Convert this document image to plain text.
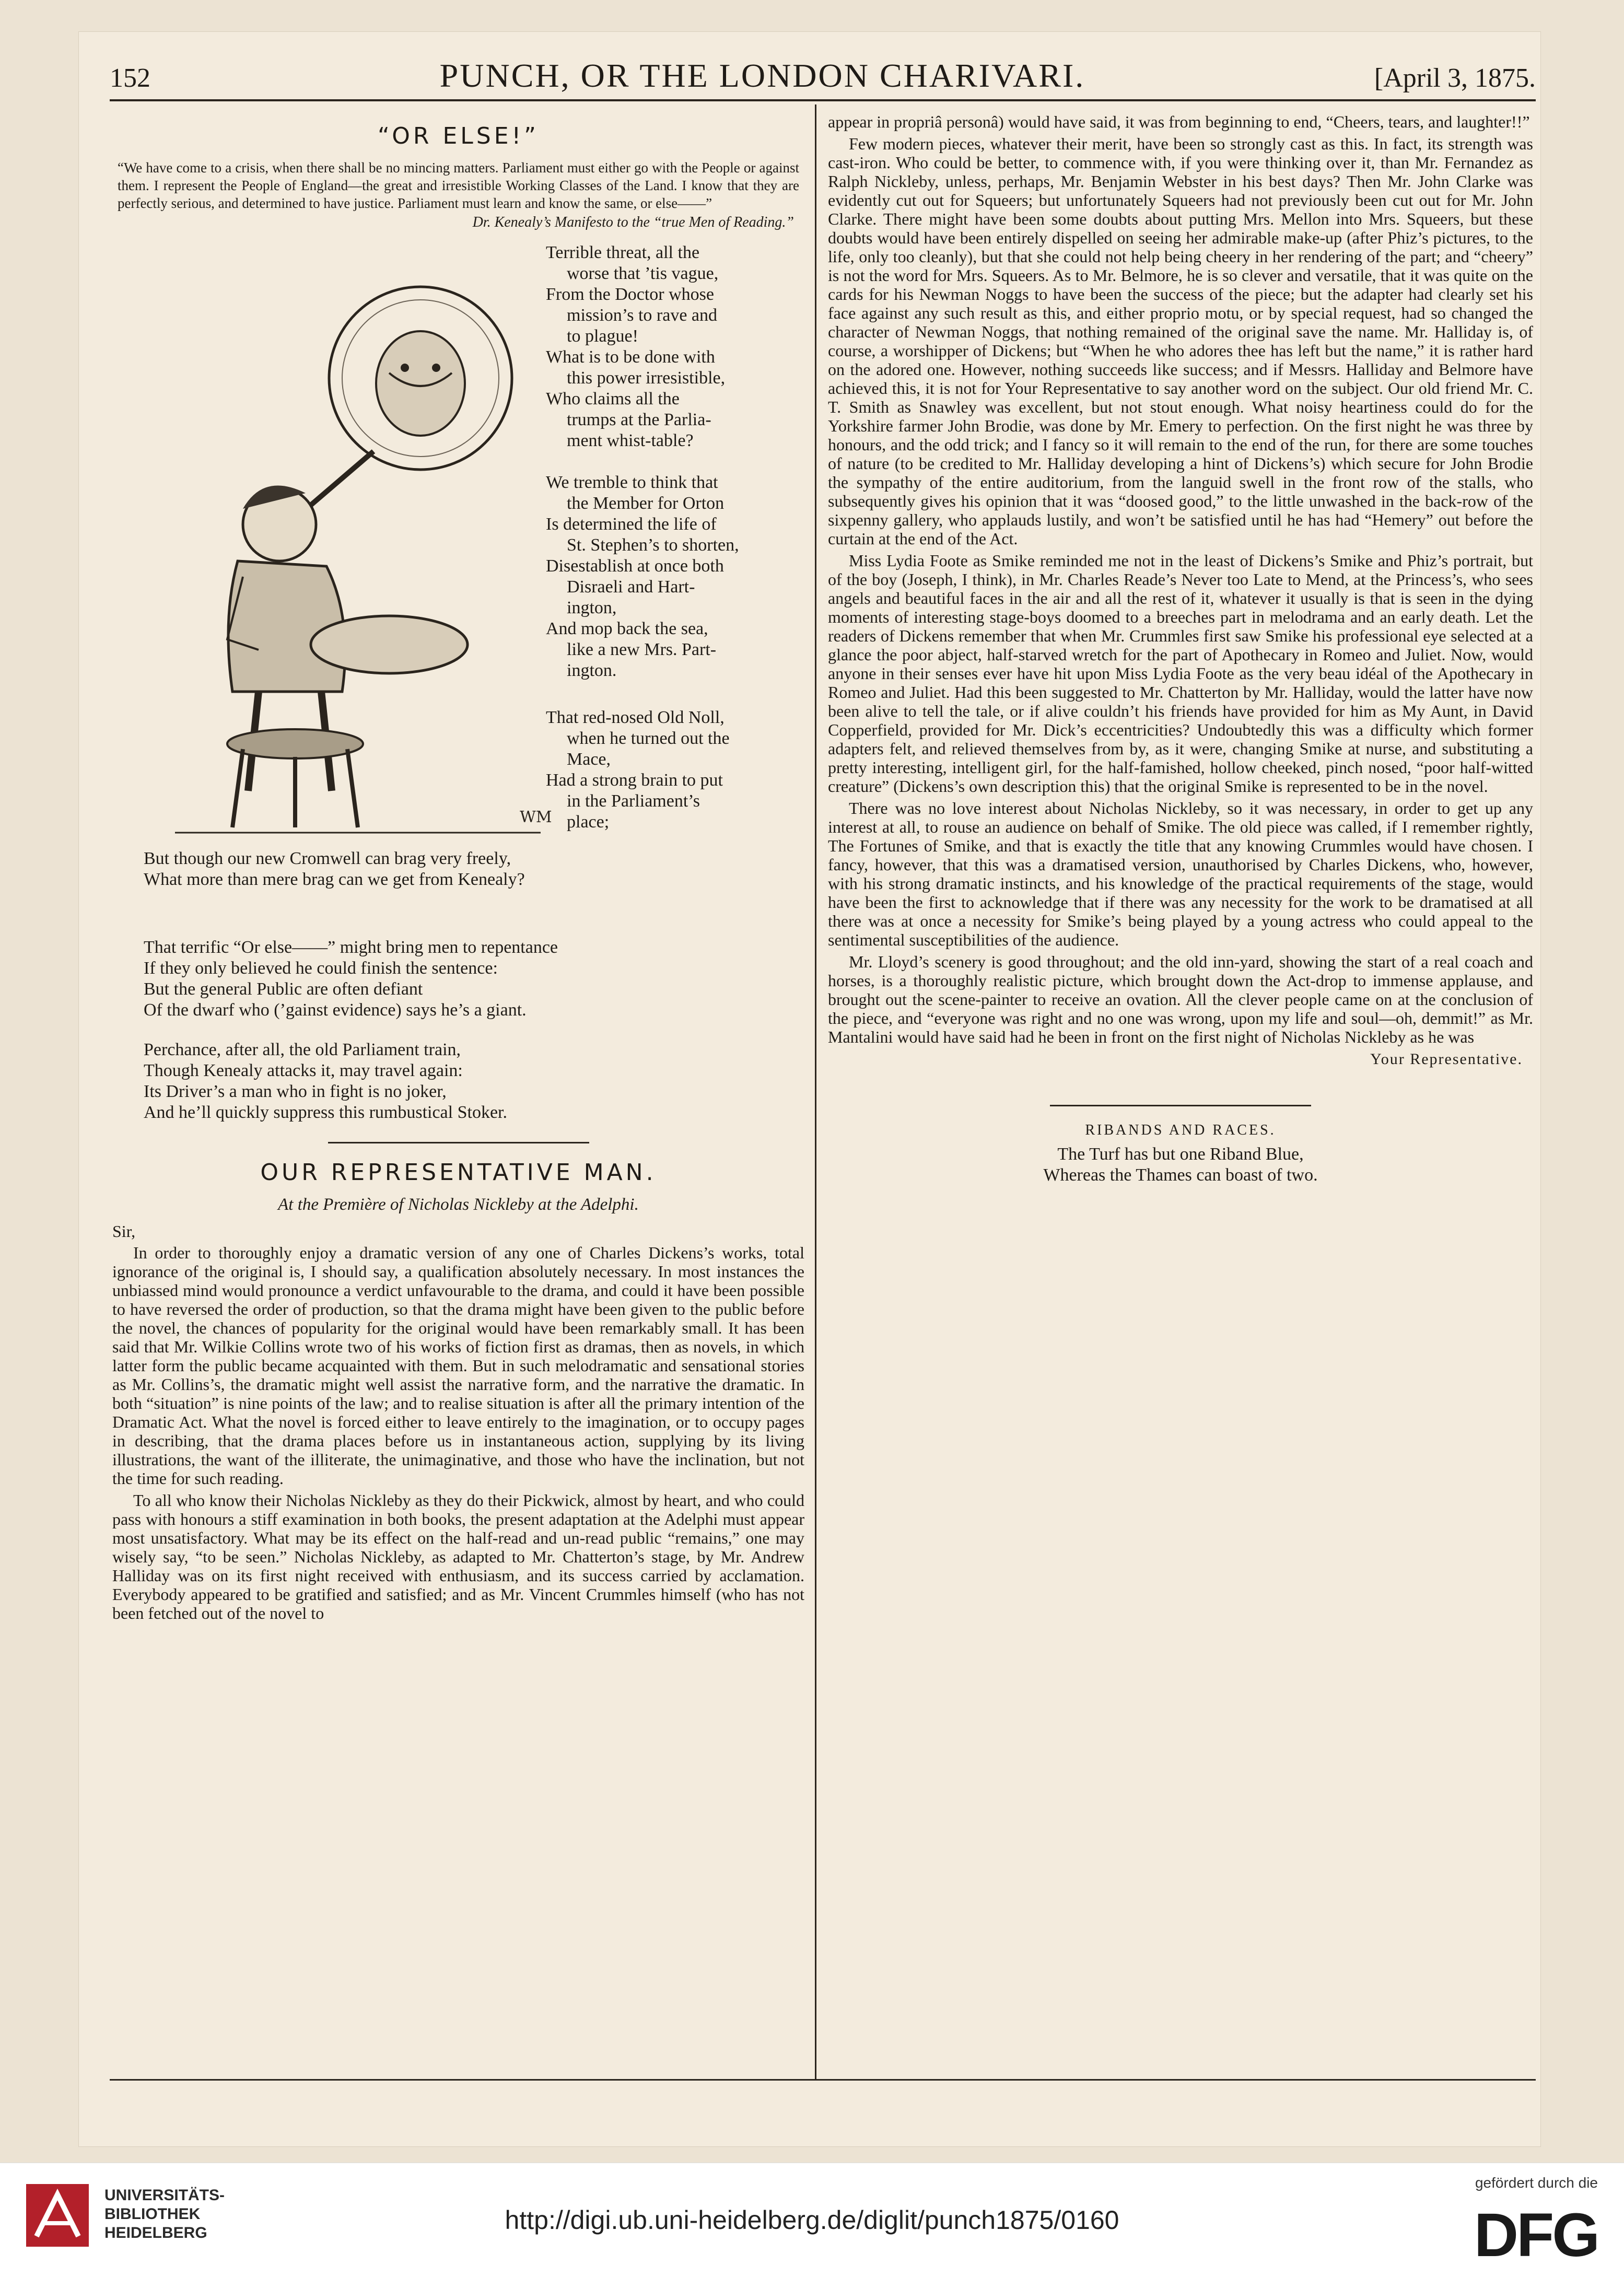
152	PUNCH, OR THE LONDON CHARIVARI.	[April 3, 1875.
“OR ELSE!”
“We have come to a crisis, when there shall be no mincing matters. Parliament must either go with the People or against them. I represent the People of England—the great and irresistible Working Classes of the Land. I know that they are perfectly serious, and determined to have justice. Parliament must learn and know the same, or else——”
Dr. Kenealy’s Manifesto to the “true Men of Reading.”
WM

Terrible threat, all the

worse that ’tis vague,

From the Doctor whose

mission’s to rave and

to plague!

What is to be done with

this power irresistible,

Who claims all the

trumps at the Parlia-

ment whist-table?

We tremble to think that

the Member for Orton

Is determined the life of

St. Stephen’s to shorten,

Disestablish at once both

Disraeli and Hart-

ington,

And mop back the sea,

like a new Mrs. Part-

ington.

That red-nosed Old Noll,

when he turned out the

Mace,

Had a strong brain to put

in the Parliament’s

place;

But though our new Cromwell can brag very freely,
What more than mere brag can we get from Kenealy?

That terrific “Or else——” might bring men to repentance
If they only believed he could finish the sentence:
But the general Public are often defiant
Of the dwarf who (’gainst evidence) says he’s a giant.

Perchance, after all, the old Parliament train,
Though Kenealy attacks it, may travel again:
Its Driver’s a man who in fight is no joker,
And he’ll quickly suppress this rumbustical Stoker.

OUR REPRESENTATIVE MAN.
At the Première of Nicholas Nickleby at the Adelphi.
Sir,

In order to thoroughly enjoy a dramatic version of any one of Charles Dickens’s works, total ignorance of the original is, I should say, a qualification absolutely necessary. In most instances the unbiassed mind would pronounce a verdict unfavourable to the drama, and could it have been possible to have reversed the order of production, so that the drama might have been given to the public before the novel, the chances of popularity for the original would have been remarkably small. It has been said that Mr. Wilkie Collins wrote two of his works of fiction first as dramas, then as novels, in which latter form the public became acquainted with them. But in such melodramatic and sensational stories as Mr. Collins’s, the dramatic might well assist the narrative form, and the narrative the dramatic. In both “situation” is nine points of the law; and to realise situation is after all the primary intention of the Dramatic Act. What the novel is forced either to leave entirely to the imagination, or to occupy pages in describing, that the drama places before us in instantaneous action, supplying by its living illustrations, the want of the illiterate, the unimaginative, and those who have the inclination, but not the time for such reading.

To all who know their Nicholas Nickleby as they do their Pickwick, almost by heart, and who could pass with honours a stiff examination in both books, the present adaptation at the Adelphi must appear most unsatisfactory. What may be its effect on the half-read and un-read public “remains,” one may wisely say, “to be seen.” Nicholas Nickleby, as adapted to Mr. Chatterton’s stage, by Mr. Andrew Halliday was on its first night received with enthusiasm, and its success carried by acclamation. Everybody appeared to be gratified and satisfied; and as Mr. Vincent Crummles himself (who has not been fetched out of the novel to

appear in propriâ personâ) would have said, it was from beginning to end, “Cheers, tears, and laughter!!”

Few modern pieces, whatever their merit, have been so strongly cast as this. In fact, its strength was cast-iron. Who could be better, to commence with, if you were thinking over it, than Mr. Fernandez as Ralph Nickleby, unless, perhaps, Mr. Benjamin Webster in his best days? Then Mr. John Clarke was evidently cut out for Squeers; but unfortunately Squeers had not previously been cut out for Mr. John Clarke. There might have been some doubts about putting Mrs. Mellon into Mrs. Squeers, but these doubts would have been entirely dispelled on seeing her admirable make-up (after Phiz’s pictures, to the life, only too cleanly), but that she could not help being cheery in her rendering of the part; and “cheery” is not the word for Mrs. Squeers. As to Mr. Belmore, he is so clever and versatile, that it was quite on the cards for his Newman Noggs to have been the success of the piece; but the adapter had clearly set his face against any such result as this, and either proprio motu, or by special request, had so changed the character of Newman Noggs, that nothing remained of the original save the name. Mr. Halliday is, of course, a worshipper of Dickens; but “When he who adores thee has left but the name,” it is rather hard on the adored one. However, nothing succeeds like success; and if Messrs. Halliday and Belmore have achieved this, it is not for Your Representative to say another word on the subject. Our old friend Mr. C. T. Smith as Snawley was excellent, but not stout enough. What noisy heartiness could do for the Yorkshire farmer John Brodie, was done by Mr. Emery to perfection. On the first night he was three by honours, and the odd trick; and I fancy so it will remain to the end of the run, for there are some touches of nature (to be credited to Mr. Halliday developing a hint of Dickens’s) which secure for John Brodie the sympathy of the entire auditorium, from the languid swell in the front row of the stalls, who subsequently gives his opinion that it was “doosed good,” to the little unwashed in the back-row of the sixpenny gallery, who applauds lustily, and won’t be satisfied until he has had “Hemery” out before the curtain at the end of the Act.

Miss Lydia Foote as Smike reminded me not in the least of Dickens’s Smike and Phiz’s portrait, but of the boy (Joseph, I think), in Mr. Charles Reade’s Never too Late to Mend, at the Princess’s, who sees angels and beautiful faces in the air and all the rest of it, whatever it usually is that is seen in the dying moments of interesting stage-boys doomed to a breeches part in melodrama and an early death. Let the readers of Dickens remember that when Mr. Crummles first saw Smike his professional eye selected at a glance the poor abject, half-starved wretch for the part of Apothecary in Romeo and Juliet. Now, would anyone in their senses ever have hit upon Miss Lydia Foote as the very beau idéal of the Apothecary in Romeo and Juliet. Had this been suggested to Mr. Chatterton by Mr. Halliday, would the latter have now been alive to tell the tale, or if alive couldn’t his friends have provided for him as My Aunt, in David Copperfield, provided for Mr. Dick’s eccentricities? Undoubtedly this was a difficulty which former adapters felt, and relieved themselves from by, as it were, changing Smike at nurse, and substituting a pretty interesting, intelligent girl, for the half-famished, hollow cheeked, pinch nosed, “poor half-witted creature” (Dickens’s own description this) that the original Smike is represented to be in the novel.

There was no love interest about Nicholas Nickleby, so it was necessary, in order to get up any interest at all, to rouse an audience on behalf of Smike. The old piece was called, if I remember rightly, The Fortunes of Smike, and that is exactly the title that any knowing Crummles would have chosen. I fancy, however, that this was a dramatised version, unauthorised by Charles Dickens, who, however, with his strong dramatic instincts, and his knowledge of the practical requirements of the stage, would have been the first to acknowledge that if there was any necessity for the work to be dramatised at all there was at once a necessity for Smike’s being played by a young actress who could appeal to the sentimental susceptibilities of the audience.

Mr. Lloyd’s scenery is good throughout; and the old inn-yard, showing the start of a real coach and horses, is a thoroughly realistic picture, which brought down the Act-drop to immense applause, and brought out the scene-painter to receive an ovation. All the clever people came on at the conclusion of the piece, and “everyone was right and no one was wrong, upon my life and soul—oh, demmit!” as Mr. Mantalini would have said had he been in front on the first night of Nicholas Nickleby as he was

Your Representative.
RIBANDS AND RACES.
The Turf has but one Riband Blue,
Whereas the Thames can boast of two.
UNIVERSITÄTS-
BIBLIOTHEK
HEIDELBERG	http://digi.ub.uni-heidelberg.de/diglit/punch1875/0160
gefördert durch die
DFG
